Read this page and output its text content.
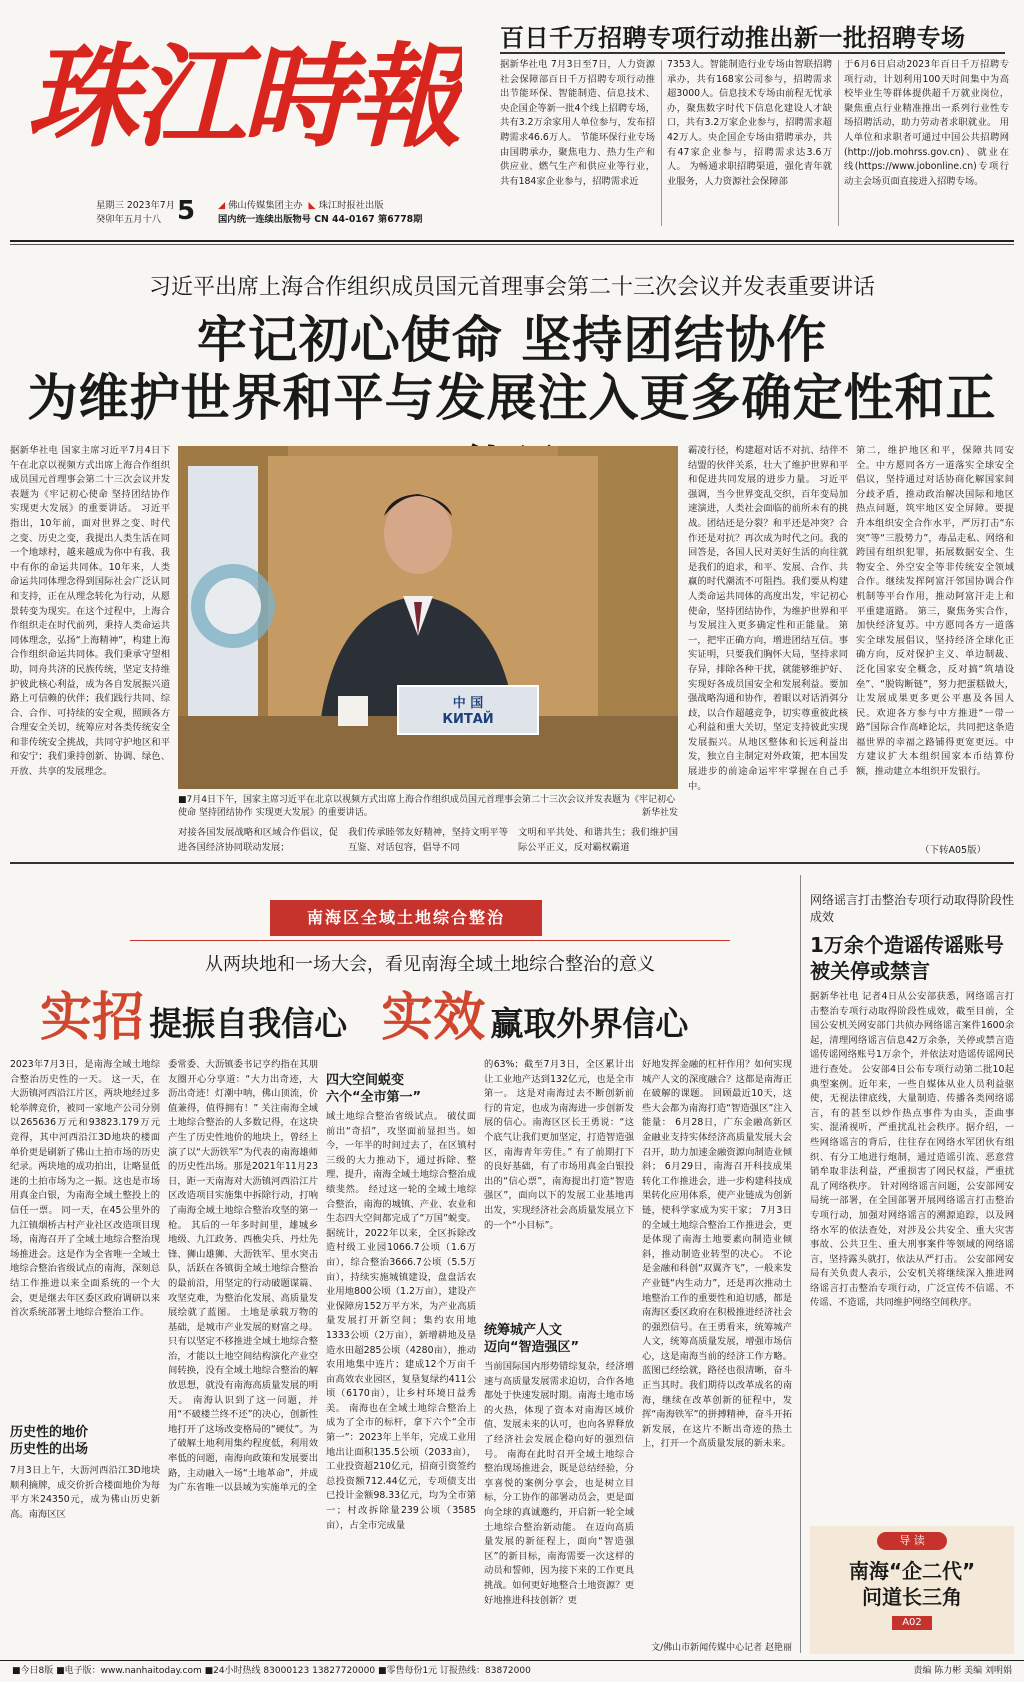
珠江時報	百日千万招聘专项行动推出新一批招聘专场
据新华社电 7月3日至7日，人力资源社会保障部百日千万招聘专项行动推出节能环保、智能制造、信息技术、央企国企等新一批4个线上招聘专场，共有3.2万余家用人单位参与，发布招聘需求46.6万人。 节能环保行业专场由国聘承办，聚焦电力、热力生产和供应业、燃气生产和供应业等行业，共有184家企业参与，招聘需求近
7353人。智能制造行业专场由智联招聘承办，共有168家公司参与，招聘需求超3000人。信息技术专场由前程无忧承办，聚焦数字时代下信息化建设人才缺口，共有3.2万家企业参与，招聘需求超42万人。央企国企专场由猎聘承办，共有47家企业参与，招聘需求达3.6万人。 为畅通求职招聘渠道，强化青年就业服务，人力资源社会保障部
于6月6日启动2023年百日千万招聘专项行动，计划利用100天时间集中为高校毕业生等群体提供超千万就业岗位，聚焦重点行业精准推出一系列行业性专场招聘活动，助力劳动者求职就业。 用人单位和求职者可通过中国公共招聘网(http://job.mohrss.gov.cn)、就业在线(https://www.jobonline.cn)专项行动主会场页面直接进入招聘专场。
星期三 2023年7月
癸卯年五月十八 5 ◢ 佛山传媒集团主办 ◣ 珠江时报社出版
国内统一连续出版物号 CN 44-0167 第6778期
习近平出席上海合作组织成员国元首理事会第二十三次会议并发表重要讲话
牢记初心使命 坚持团结协作
为维护世界和平与发展注入更多确定性和正
据新华社电 国家主席习近平7月4日下午在北京以视频方式出席上海合作组织成员国元首理事会第二十三次会议并发表题为《牢记初心使命 坚持团结协作 实现更大发展》的重要讲话。 习近平指出，10年前，面对世界之变、时代之变、历史之变，我提出人类生活在同一个地球村，越来越成为你中有我、我中有你的命运共同体。10年来，人类命运共同体理念得到国际社会广泛认同和支持，正在从理念转化为行动，从愿景转变为现实。在这个过程中，上海合作组织走在时代前列，秉持人类命运共同体理念，弘扬“上海精神”，构建上海合作组织命运共同体。我们秉承守望相助，同舟共济的民族传统，坚定支持维护彼此核心利益，成为各自发展振兴道路上可信赖的伙伴；我们践行共同、综合、合作、可持续的安全观，照顾各方合理安全关切，统筹应对各类传统安全和非传统安全挑战，共同守护地区和平和安宁；我们秉持创新、协调、绿色、开放、共享的发展理念。
中 国
КИТАЙ
■7月4日下午，国家主席习近平在北京以视频方式出席上海合作组织成员国元首理事会第二十三次会议并发表题为《牢记初心使命 坚持团结协作 实现更大发展》的重要讲话。	新华社发
对接各国发展战略和区域合作倡议，促进各国经济协同联动发展；
我们传承睦邻友好精神，坚持文明平等互鉴、对话包容，倡导不同
文明和平共处、和谐共生；我们维护国际公平正义，反对霸权霸道
霸凌行径，构建超对话不对抗、结伴不结盟的伙伴关系，壮大了维护世界和平和促进共同发展的进步力量。 习近平强调，当今世界变乱交织，百年变局加速演进，人类社会面临的前所未有的挑战。团结还是分裂？和平还是冲突？合作还是对抗？再次成为时代之问。我的回答是，各国人民对美好生活的向往就是我们的追求，和平、发展、合作、共赢的时代潮流不可阻挡。我们要从构建人类命运共同体的高度出发，牢记初心使命，坚持团结协作，为维护世界和平与发展注入更多确定性和正能量。 第一，把牢正确方向，增进团结互信。事实证明，只要我们胸怀大局，坚持求同存异，排除各种干扰，就能够维护好、实现好各成员国安全和发展利益。要加强战略沟通和协作，着眼以对话消弭分歧，以合作超越竞争，切实尊重彼此核心利益和重大关切，坚定支持彼此实现发展振兴。从地区整体和长远利益出发，独立自主制定对外政策，把本国发展进步的前途命运牢牢掌握在自己手中。
第二，维护地区和平，保障共同安全。中方愿同各方一道落实全球安全倡议，坚持通过对话协商化解国家间分歧矛盾，推动政治解决国际和地区热点问题，筑牢地区安全屏障。要提升本组织安全合作水平，严厉打击“东突”等“三股势力”，毒品走私、网络和跨国有组织犯罪，拓展数据安全、生物安全、外空安全等非传统安全领域合作。继续发挥阿富汗邻国协调合作机制等平台作用，推动阿富汗走上和平重建道路。 第三，聚焦务实合作，加快经济复苏。中方愿同各方一道落实全球发展倡议，坚持经济全球化正确方向，反对保护主义、单边制裁、泛化国家安全概念，反对搞“筑墙设垒”、“脱钩断链”，努力把蛋糕做大，让发展成果更多更公平惠及各国人民。欢迎各方参与中方推进“一带一路”国际合作高峰论坛，共同把这条造福世界的幸福之路铺得更宽更远。中方建议扩大本组织国家本币结算份额，推动建立本组织开发银行。
（下转A05版）
南海区全域土地综合整治
从两块地和一场大会，看见南海全域土地综合整治的意义
实招 提振自我信心 实效 赢取外界信心
2023年7月3日，是南海全域土地综合整治历史性的一天。 这一天，在大沥镇河西沿江片区，两块地经过多轮举牌竞价，被同一家地产公司分别以265636万元和93823.179万元竞得，其中河西沿江3D地块的楼面单价更是刷新了佛山土拍市场的历史纪录。两块地的成功拍出，让略显低迷的土拍市场为之一振。这也是市场用真金白银，为南海全域土整投上的信任一票。 同一天，在45公里外的九江镇烟桥古村产业社区改造项目现场，南海召开了全域土地综合整治现场推进会。这是作为全省唯一全域土地综合整治省级试点的南海，深刻总结工作推进以来全面系统的一个大会，更是继去年区委区政府调研以来首次系统部署土地综合整治工作。
历史性的地价
历史性的出场
7月3日上午，大沥河西沿江3D地块顺利摘牌，成交价折合楼面地价为每平方米24350元，成为佛山历史新高。南海区区
委常委、大沥镇委书记亨约指在其朋友圈开心分享道：“大力出奇迹，大沥出奇迹！灯潮中呐，佛山顶流，价值兼得，值得拥有！” 关注南海全域土地综合整治的人多数记得，在这块产生了历史性地价的地块上，曾经上演了以“大沥铁军”为代表的南海雄师的历史性出场。那是2021年11月23日，距一天南海对大沥镇河西沿江片区改造项目实施集中拆除行动，打响了南海全域土地综合整治攻坚的第一枪。 其后的一年多时间里，雄城乡地级、九江政务、西樵尖兵、丹灶先锋、狮山雄狮、大沥铁军、里水突击队，活跃在各镇街全域土地综合整治的最前沿，用坚定的行动破题谋篇、攻坚克难，为整治化发展、高质量发展绘就了蓝图。 土地是承载万物的基础，是城市产业发展的财富之母。只有以坚定不移推进全域土地综合整治，才能以土地空间结构演化产业空间转换，没有全域土地综合整治的解放思想，就没有南海高质量发展的明天。 南海认识到了这一问题，并用“不破楼兰终不还”的决心，创新性地打开了这场改变格局的“硬仗”。为了破解土地利用集约程度低，利用效率低的问题，南海向政策和发展要出路，主动融入一场“土地革命”，并成为广东省唯一以县域为实施单元的全
四大空间蜕变
六个“全市第一”
域土地综合整治省级试点。 破仗面前出“奇招”，攻坚面前显担当。如今，一年半的时间过去了，在区镇村三级的大力推动下，通过拆除、整理、提升，南海全域土地综合整治成绩斐然。 经过这一轮的全域土地综合整治，南海的城镇、产业、农业和生态四大空间都完成了“万国”蜕变。据统计，2022年以来，全区拆除改造村级工业园1066.7公顷（1.6万亩），综合整治3666.7公顷（5.5万亩），持续实施城镇建设，盘盘活农业用地800公顷（1.2万亩），建设产业保障房152万平方米，为产业高质量发展打开新空间；集约农用地1333公顷（2万亩），新增耕地及垦造水田超285公顷（4280亩），推动农用地集中连片；建成12个万亩千亩高效农业园区，复垦复绿约411公顷（6170亩），让乡村环境日益秀美。 南海也在全域土地综合整治上成为了全市的标杆，拿下六个“全市第一”：2023年上半年，完成工业用地出让面积135.5公顷（2033亩），工业投资超210亿元，招商引资签约总投资额712.44亿元，专项债支出已投计金额98.33亿元，均为全市第一；村改拆除量239公顷（3585亩），占全市完成量
的63%；截至7月3日，全区累计出让工业地产达到132亿元，也是全市第一。 这是对南海过去不断创新前行的肯定，也成为南海进一步创新发展的信心。南海区区长王勇说：“这个底气让我们更加坚定，打造智造强区，南海青年劳佳。” 有了前期打下的良好基础，有了市场用真金白银投出的“信心票”，南海提出打造“智造强区”，面向以下的发展工业基地再出发，实现经济社会高质量发展立下的一个“小目标”。
统筹城产人文
迈向“智造强区”
当前国际国内形势错综复杂，经济增速与高质量发展需求迫切，合作各地都处于快速发展时期。南海土地市场的火热，体现了资本对南海区域价值、发展未来的认可，也向各界释放了经济社会发展企稳向好的强烈信号。 南海在此时召开全域土地综合整治现场推进会，既是总结经验，分享喜悦的案例分享会，也是树立目标，分工协作的部署动员会，更是面向全球的真诚邀约，开启新一轮全域土地综合整治新动能。 在迈向高质量发展的新征程上，面向“智造强区”的新目标，南海需要一次这样的动员和誓师，因为接下来的工作更具挑战。如何更好地整合土地资源？更好地推进科技创新？更
好地发挥金融的杠杆作用？如何实现城产人文的深度融合？这都是南海正在破解的课题。 回顾最近10天，这些大会都为南海打造“智造强区”注入能量： 6月28日，广东金融高新区金融业支持实体经济高质量发展大会召开，助力加速金融资源向制造业倾斜； 6月29日，南海召开科技成果转化工作推进会，进一步构建科技成果转化应用体系，使产业链成为创新链，使科学家成为实干家； 7月3日的全域土地综合整治工作推进会，更是体现了南海土地要素向制造业倾斜，推动制造业转型的决心。 不论是金融和科创“双翼齐飞”，一般来发产业链“内生动力”，还是再次推动土地整治工作的重要性和迫切感，都是南海区委区政府在积极推进经济社会的强烈信号。在王勇看来，统筹城产人文，统筹高质量发展，增强市场信心，这是南海当前的经济工作方略。 蓝图已经绘就，路径也很清晰，奋斗正当其时。我们期待以改革成名的南海，继续在改革创新的征程中，发挥“南海铁军”的拼搏精神，奋斗开拓新发展，在这片不断出奇迹的热土上，打开一个高质量发展的新未来。
文/佛山市新闻传媒中心记者 赵艳丽
网络谣言打击整治专项行动取得阶段性成效
1万余个造谣传谣账号被关停或禁言
据新华社电 记者4日从公安部获悉，网络谣言打击整治专项行动取得阶段性成效，截至目前，全国公安机关网安部门共侦办网络谣言案件1600余起，清理网络谣言信息42万余条，关停或禁言造谣传谣网络账号1万余个，并依法对造谣传谣网民进行查处。 公安部4日公布专项行动第二批10起典型案例。近年来，一些自媒体从业人员利益驱使，无视法律底线，大量制造、传播各类网络谣言，有的甚至以炒作热点事件为由头，歪曲事实、混淆视听，严重扰乱社会秩序。据介绍，一些网络谣言的背后，往往存在网络水军团伙有组织、有分工地进行炮制，通过造谣引流、恶意营销牟取非法利益，严重损害了网民权益，严重扰乱了网络秩序。 针对网络谣言问题，公安部网安局统一部署，在全国部署开展网络谣言打击整治专项行动，加强对网络谣言的溯源追踪，以及网络水军的依法查处，对涉及公共安全、重大灾害事故、公共卫生、重大刑事案件等领域的网络谣言，坚持露头就打，依法从严打击。 公安部网安局有关负责人表示，公安机关将继续深入推进网络谣言打击整治专项行动，广泛宣传不信谣、不传谣、不造谣，共同维护网络空间秩序。
导 读
南海“企二代”
问道长三角
A02
■今日8版 ■电子版：www.nanhaitoday.com ■24小时热线 83000123 13827720000 ■零售每份1元 订报热线：83872000	责编 陈力彬 美编 刘明娟
